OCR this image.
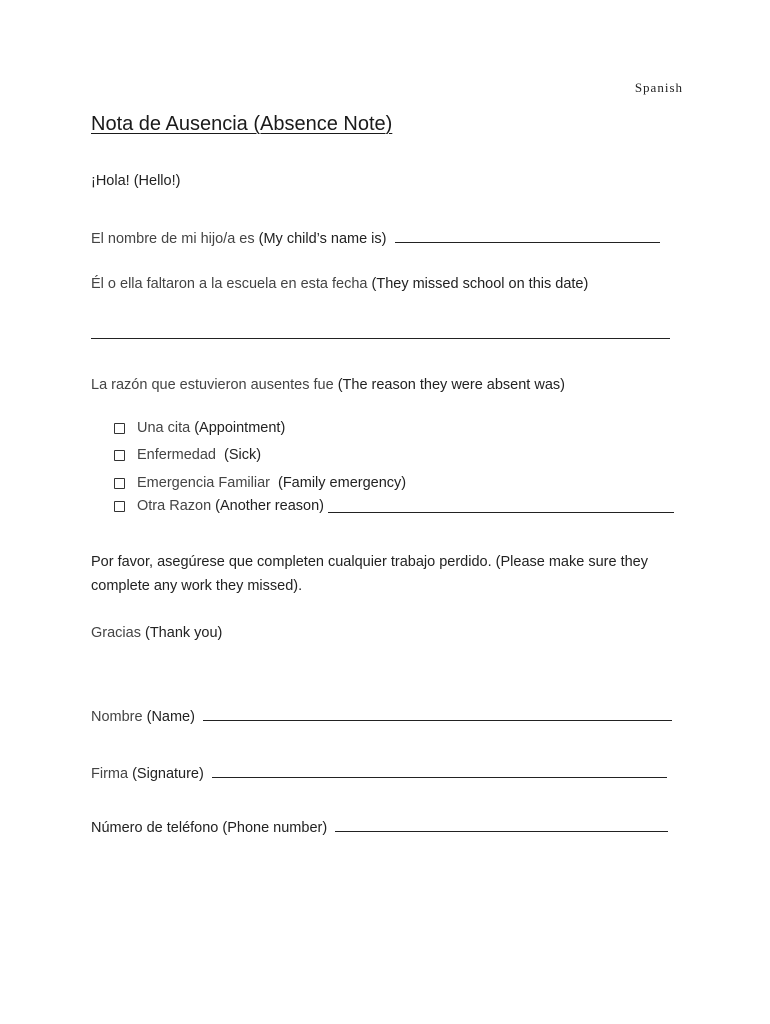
Spanish
Nota de Ausencia (Absence Note)
¡Hola! (Hello!)
El nombre de mi hijo/a es (My child’s name is)
Él o ella faltaron a la escuela en esta fecha (They missed school on this date)
La razón que estuvieron ausentes fue (The reason they were absent was)
Una cita (Appointment)
Enfermedad (Sick)
Emergencia Familiar (Family emergency)
Otra Razon (Another reason)
Por favor, asegúrese que completen cualquier trabajo perdido. (Please make sure they complete any work they missed).
Gracias (Thank you)
Nombre (Name)
Firma (Signature)
Número de teléfono (Phone number)
